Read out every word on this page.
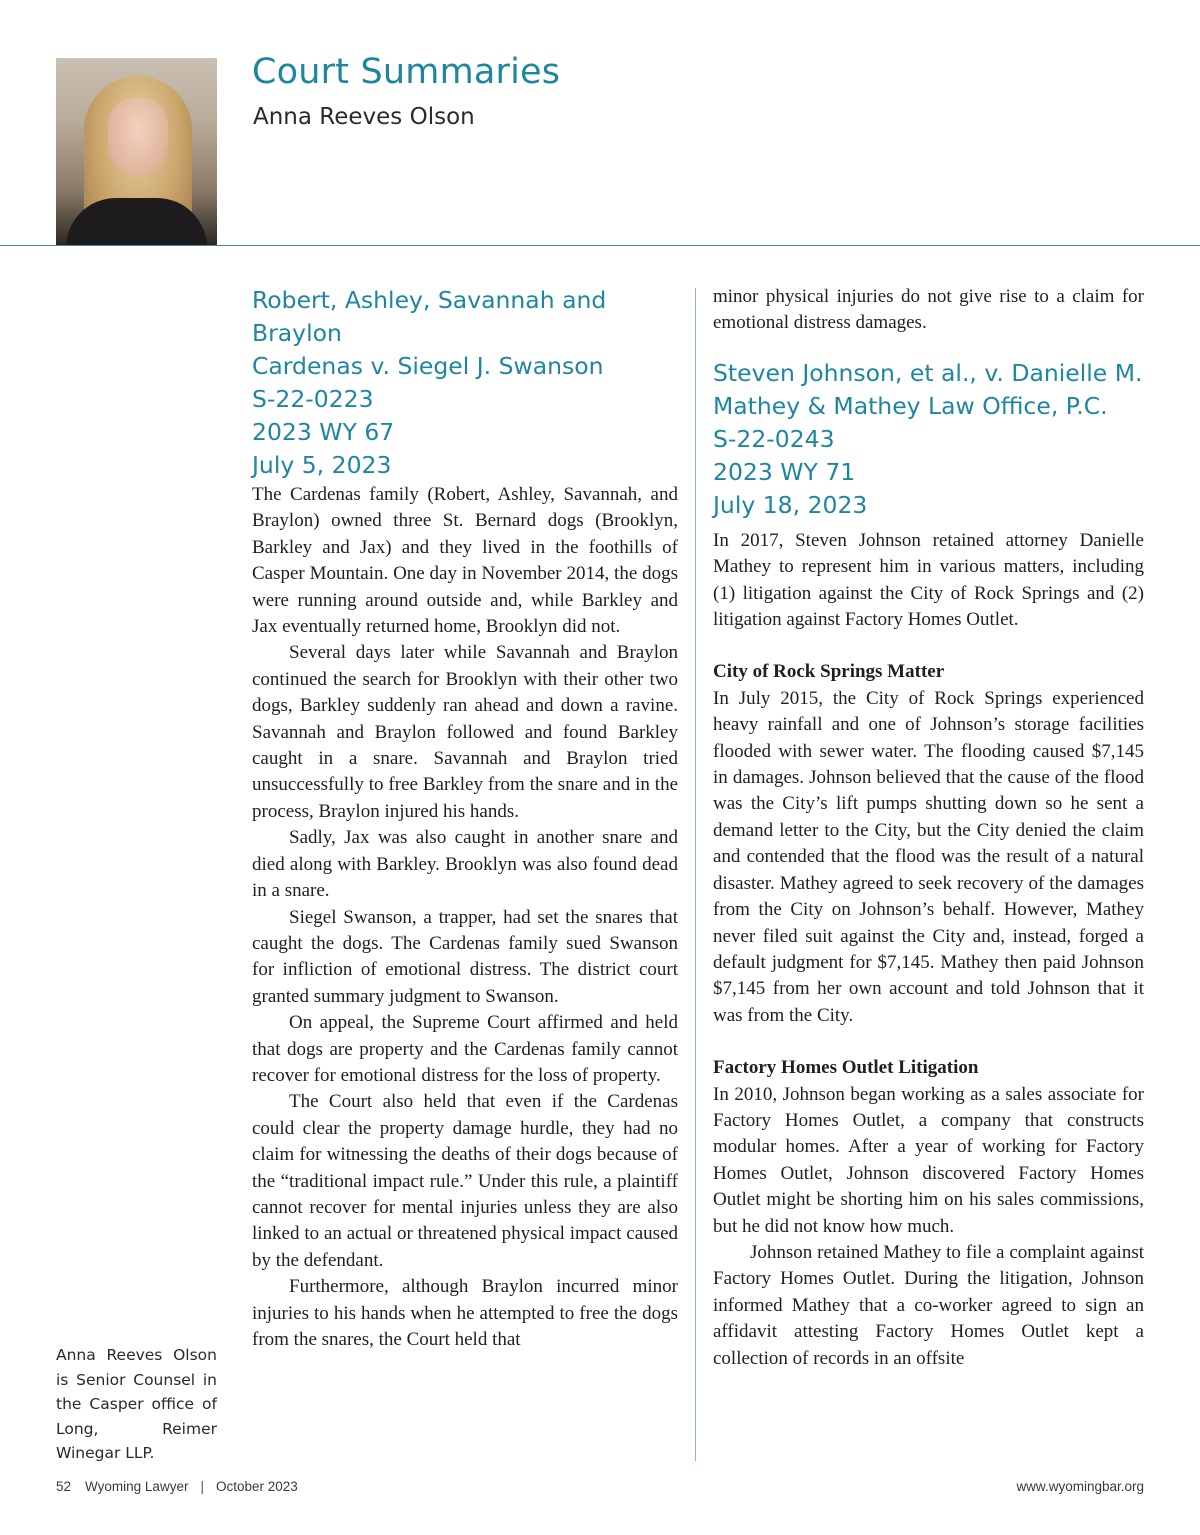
Court Summaries
Anna Reeves Olson
Robert, Ashley, Savannah and Braylon
Cardenas v. Siegel J. Swanson
S-22-0223
2023 WY 67
July 5, 2023

The Cardenas family (Robert, Ashley, Savannah, and Braylon) owned three St. Bernard dogs (Brooklyn, Barkley and Jax) and they lived in the foothills of Casper Mountain. One day in November 2014, the dogs were running around outside and, while Barkley and Jax eventually returned home, Brooklyn did not.

Several days later while Savannah and Braylon continued the search for Brooklyn with their other two dogs, Barkley suddenly ran ahead and down a ravine. Savannah and Braylon followed and found Barkley caught in a snare. Savannah and Braylon tried unsuccessfully to free Barkley from the snare and in the process, Braylon injured his hands.

Sadly, Jax was also caught in another snare and died along with Barkley. Brooklyn was also found dead in a snare.

Siegel Swanson, a trapper, had set the snares that caught the dogs. The Cardenas family sued Swanson for infliction of emotional distress. The district court granted summary judgment to Swanson.

On appeal, the Supreme Court affirmed and held that dogs are property and the Cardenas family cannot recover for emotional distress for the loss of property.

The Court also held that even if the Cardenas could clear the property damage hurdle, they had no claim for witnessing the deaths of their dogs because of the “traditional impact rule.” Under this rule, a plaintiff cannot recover for mental injuries unless they are also linked to an actual or threatened physical impact caused by the defendant.

Furthermore, although Braylon incurred minor injuries to his hands when he attempted to free the dogs from the snares, the Court held that

minor physical injuries do not give rise to a claim for emotional distress damages.

Steven Johnson, et al., v. Danielle M.
Mathey & Mathey Law Office, P.C.
S-22-0243
2023 WY 71
July 18, 2023

In 2017, Steven Johnson retained attorney Danielle Mathey to represent him in various matters, including (1) litigation against the City of Rock Springs and (2) litigation against Factory Homes Outlet.

City of Rock Springs Matter

In July 2015, the City of Rock Springs experienced heavy rainfall and one of Johnson’s storage facilities flooded with sewer water. The flooding caused $7,145 in damages. Johnson believed that the cause of the flood was the City’s lift pumps shutting down so he sent a demand letter to the City, but the City denied the claim and contended that the flood was the result of a natural disaster. Mathey agreed to seek recovery of the damages from the City on Johnson’s behalf. However, Mathey never filed suit against the City and, instead, forged a default judgment for $7,145. Mathey then paid Johnson $7,145 from her own account and told Johnson that it was from the City.

Factory Homes Outlet Litigation

In 2010, Johnson began working as a sales associate for Factory Homes Outlet, a company that constructs modular homes. After a year of working for Factory Homes Outlet, Johnson discovered Factory Homes Outlet might be shorting him on his sales commissions, but he did not know how much.

Johnson retained Mathey to file a complaint against Factory Homes Outlet. During the litigation, Johnson informed Mathey that a co-worker agreed to sign an affidavit attesting Factory Homes Outlet kept a collection of records in an offsite

Anna Reeves Olson is Senior Counsel in the Casper office of Long, Reimer Winegar LLP.

52 Wyoming Lawyer | October 2023	www.wyomingbar.org
